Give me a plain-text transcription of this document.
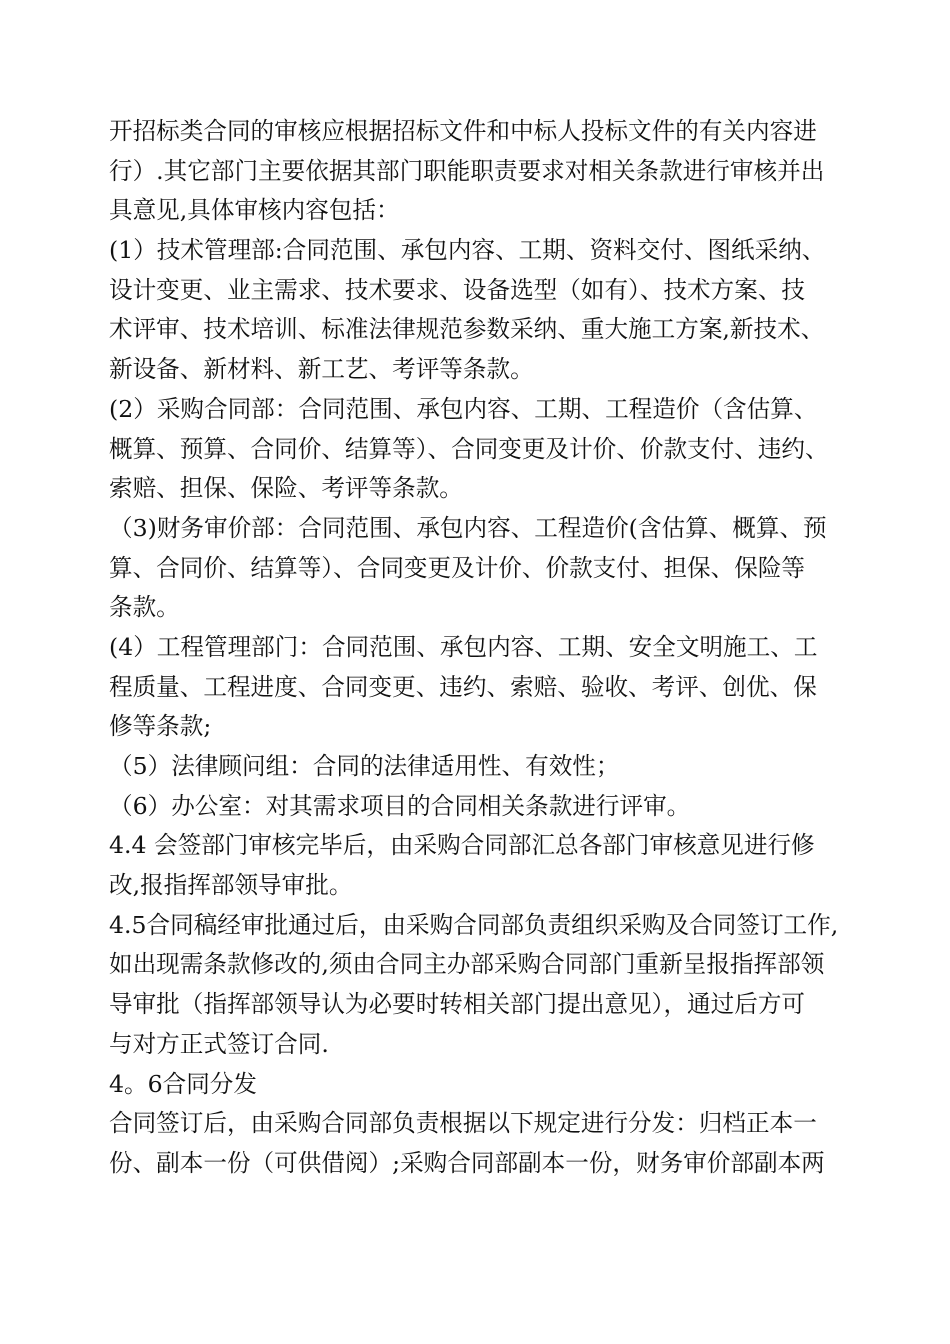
开招标类合同的审核应根据招标文件和中标人投标文件的有关内容进
行）.其它部门主要依据其部门职能职责要求对相关条款进行审核并出
具意见,具体审核内容包括：
(1）技术管理部:合同范围、承包内容、工期、资料交付、图纸采纳、
设计变更、业主需求、技术要求、设备选型（如有）、技术方案、技
术评审、技术培训、标准法律规范参数采纳、重大施工方案,新技术、
新设备、新材料、新工艺、考评等条款。
(2）采购合同部：合同范围、承包内容、工期、工程造价（含估算、
概算、预算、合同价、结算等）、合同变更及计价、价款支付、违约、
索赔、担保、保险、考评等条款。
（3)财务审价部：合同范围、承包内容、工程造价(含估算、概算、预
算、合同价、结算等）、合同变更及计价、价款支付、担保、保险等
条款。
(4）工程管理部门：合同范围、承包内容、工期、安全文明施工、工
程质量、工程进度、合同变更、违约、索赔、验收、考评、创优、保
修等条款;
（5）法律顾问组：合同的法律适用性、有效性；
（6）办公室：对其需求项目的合同相关条款进行评审。
4.4 会签部门审核完毕后，由采购合同部汇总各部门审核意见进行修
改,报指挥部领导审批。
4.5合同稿经审批通过后，由采购合同部负责组织采购及合同签订工作,
如出现需条款修改的,须由合同主办部采购合同部门重新呈报指挥部领
导审批（指挥部领导认为必要时转相关部门提出意见），通过后方可
与对方正式签订合同.
4。6合同分发
合同签订后，由采购合同部负责根据以下规定进行分发：归档正本一
份、副本一份（可供借阅）;采购合同部副本一份，财务审价部副本两
